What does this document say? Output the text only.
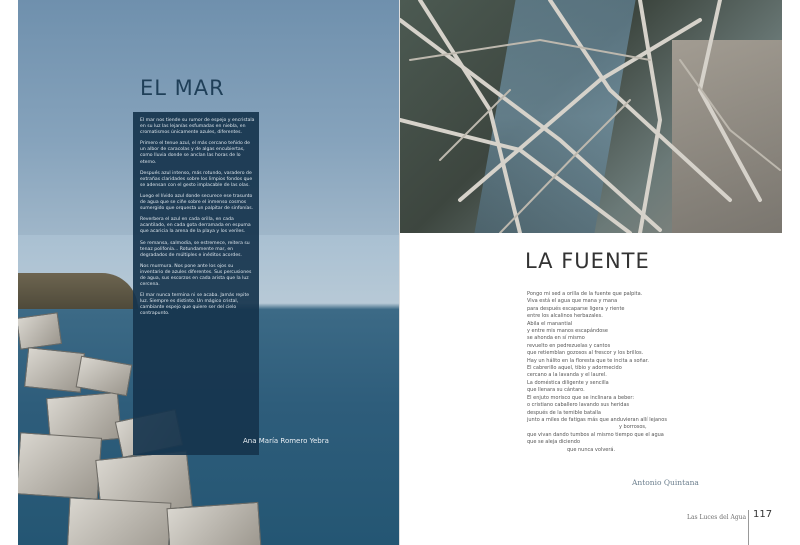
EL MAR

El mar nos tiende su rumor de espejo y encristala en su luz las lejanías esfumadas en niebla, en cromatismos únicamente azules, diferentes.

Primero el tenue azul, el más cercano teñido de un albor de caracolas y de algas encubiertas, como lluvia donde se anclan las horas de lo eterno.

Después azul intenso, más rotundo, varadero de extrañas claridades sobre los limpios fondos que se adensan con el gesto implacable de las olas.

Luego el lívido azul donde securece ese trasunto de agua que se ciñe sobre el inmenso cosmos sumergido que orquesta un palpitar de sinfonías.

Reverbera el azul en cada orilla, en cada acantilado, en cada gota derramada en espuma que acaricia la arena de la playa y los veriles.

Se remansa, salmodia, se estremece, reitera su tenaz polifonía... Rotundamente mar, en degradados de múltiples e inéditos acordes.

Nos murmura. Nos pone ante los ojos su inventario de azules diferentes. Sus percusiones de agua, sus escorzos en cada arista que la luz cercena.

El mar nunca termina ni se acaba. Jamás repite luz. Siempre es distinto. Un mágico cristal, cambiante espejo que quiere ser del cielo contrapunto.

Ana María Romero Yebra
LA FUENTE
Pongo mi sed a orilla de la fuente que palpita.
Viva está el agua que mana y mana
para después escaparse ligera y riente
entre los alcalinos herbazales.
Abila el manantial
y entre mis manos escapándose
se ahonda en sí mismo
revuelto en pedrezuelas y cantos
que retiemblan gozosos al frescor y los brillos.
Hay un hálito en la floresta que te incita a soñar.
El cabrerillo aquel, tibio y adormecido
cercano a la lavanda y el laurel.
La doméstica diligente y sencilla
que llenara su cántaro.
El enjuto morisco que se inclinara a beber:
o cristiano caballero lavando sus heridas
después de la temible batalla
junto a miles de fatigas más que anduvieran allí lejanos
y borrosos,
que vivan dando tumbos al mismo tiempo que el agua
que se aleja diciendo
que nunca volverá.
Antonio Quintana
Las Luces del Agua 117
